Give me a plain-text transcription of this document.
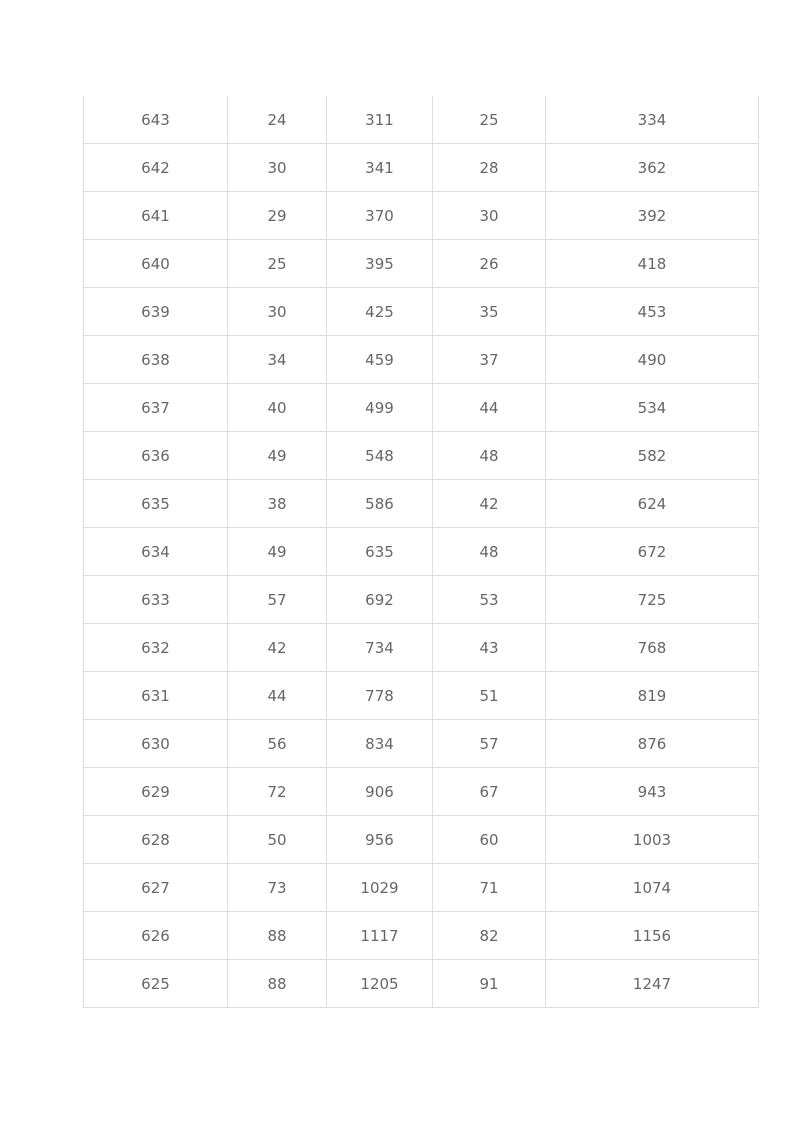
643	24	311	25	334
642	30	341	28	362
641	29	370	30	392
640	25	395	26	418
639	30	425	35	453
638	34	459	37	490
637	40	499	44	534
636	49	548	48	582
635	38	586	42	624
634	49	635	48	672
633	57	692	53	725
632	42	734	43	768
631	44	778	51	819
630	56	834	57	876
629	72	906	67	943
628	50	956	60	1003
627	73	1029	71	1074
626	88	1117	82	1156
625	88	1205	91	1247
